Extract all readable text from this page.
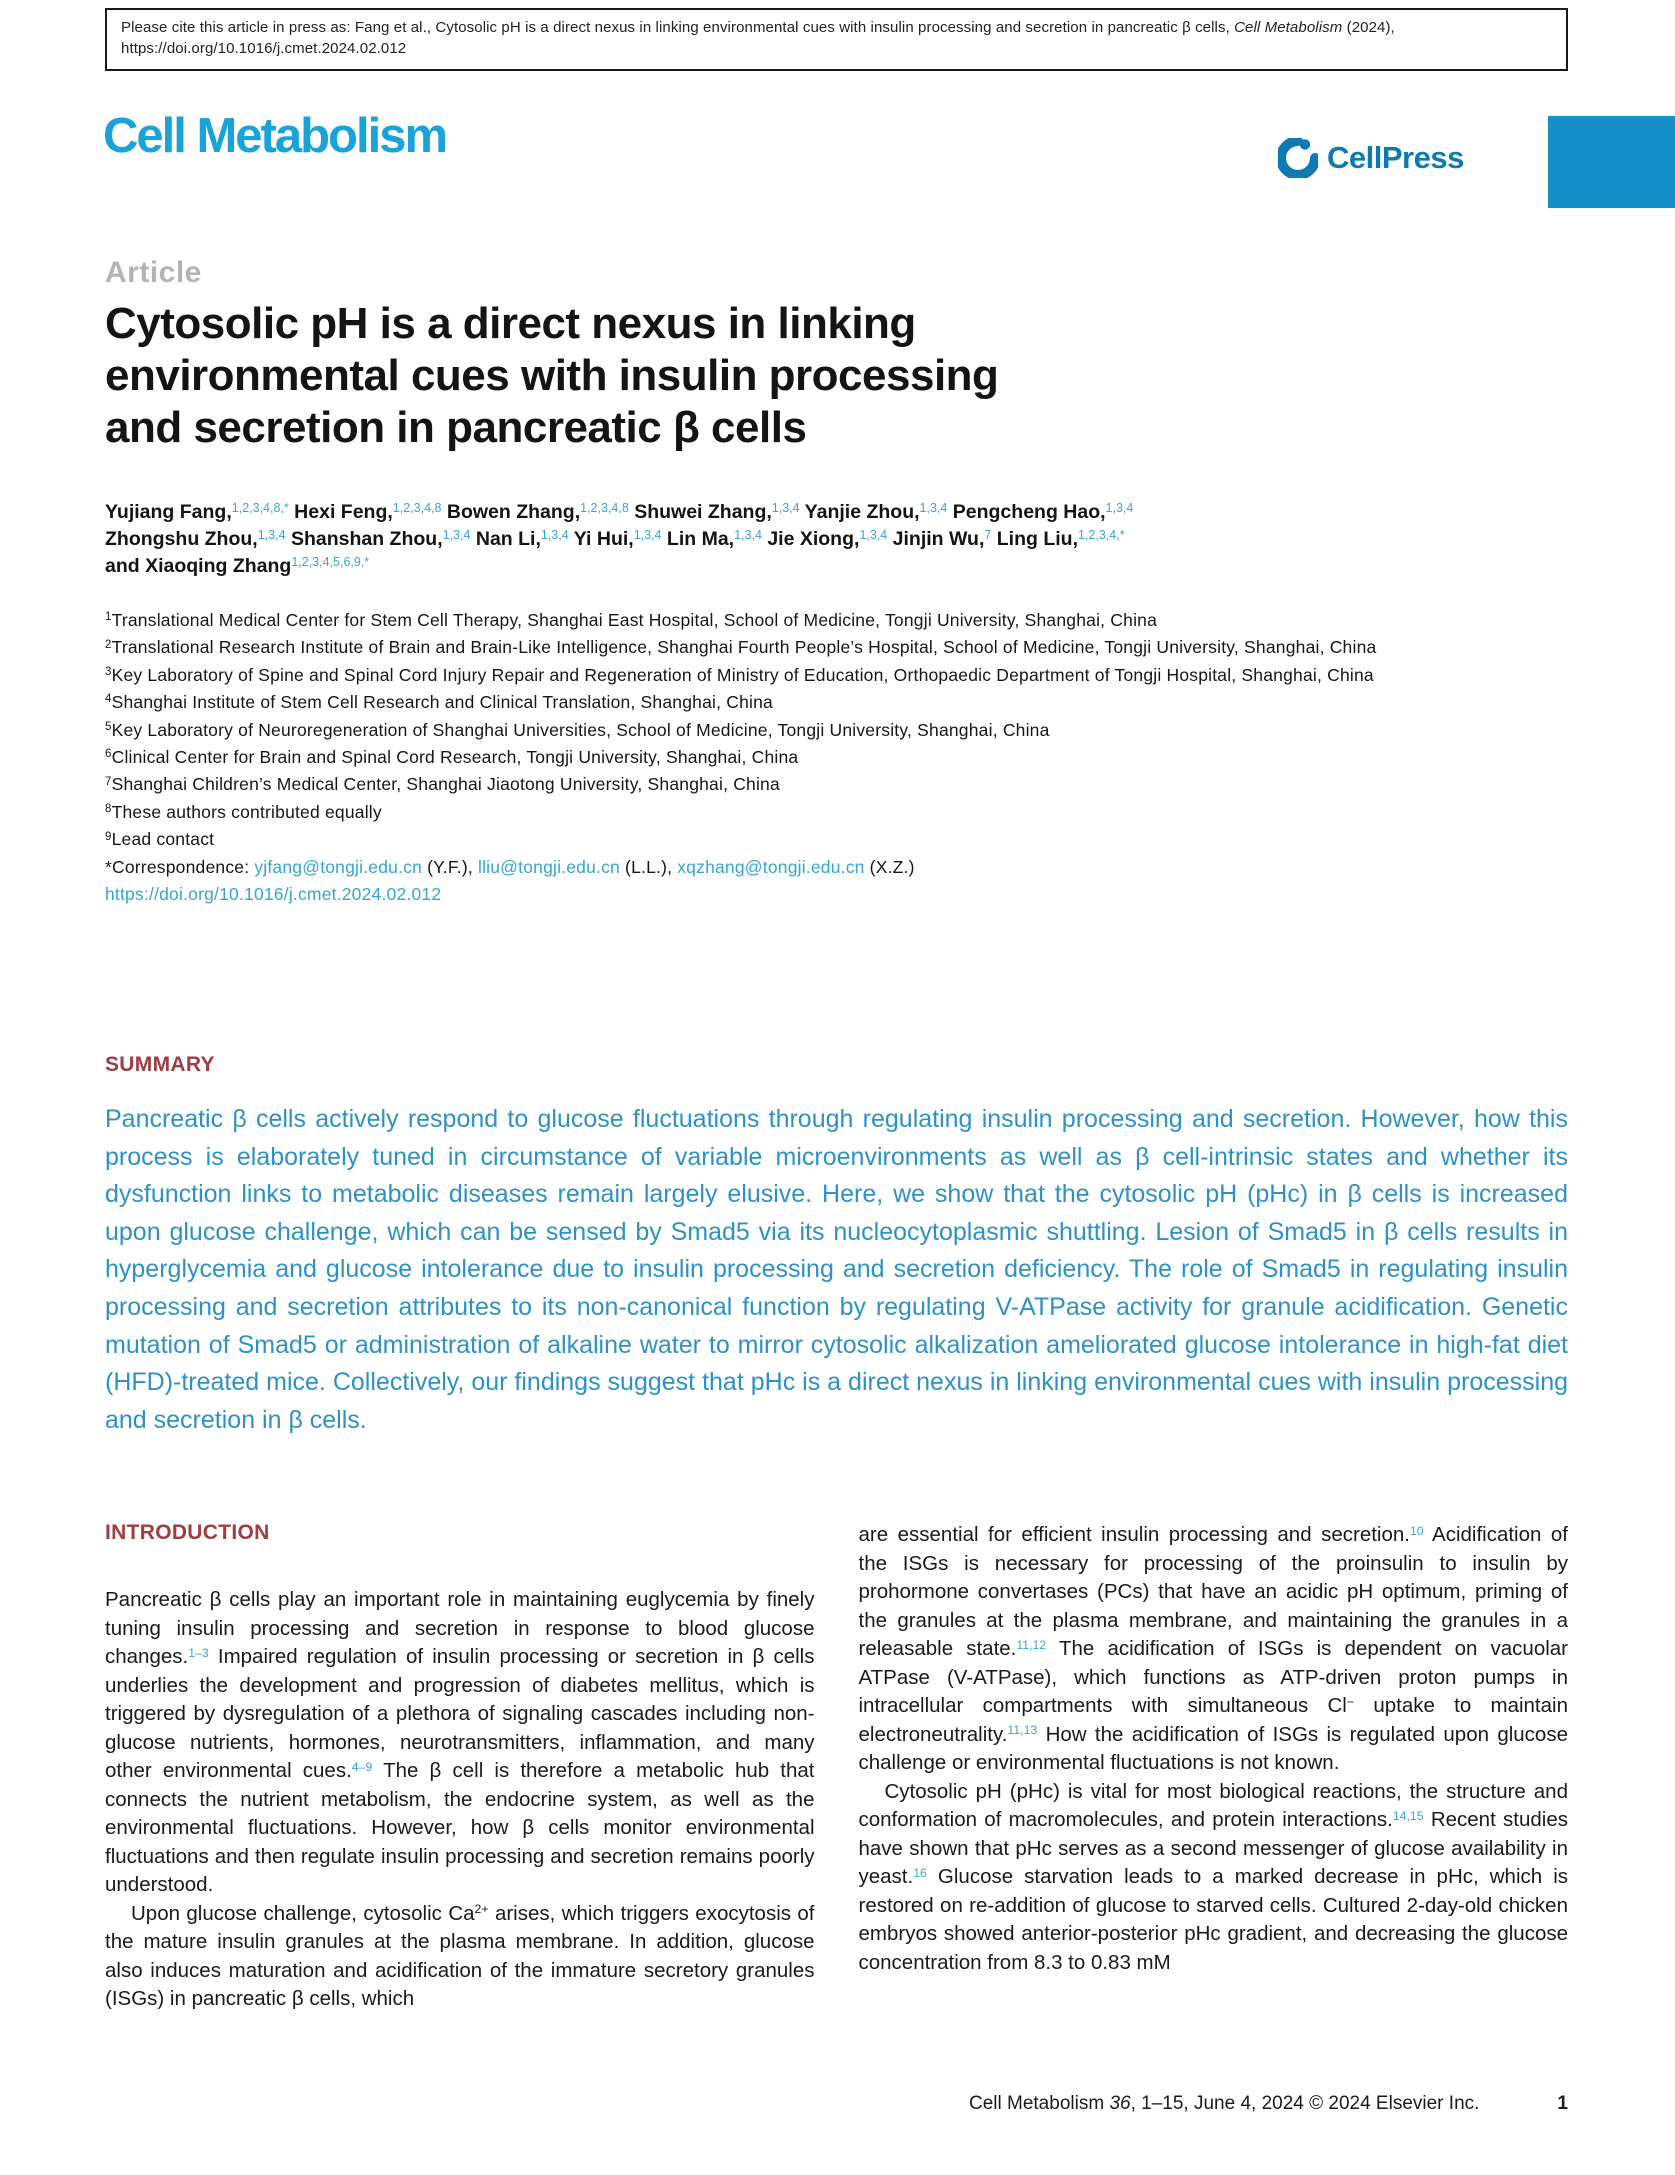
Please cite this article in press as: Fang et al., Cytosolic pH is a direct nexus in linking environmental cues with insulin processing and secretion in pancreatic β cells, Cell Metabolism (2024), https://doi.org/10.1016/j.cmet.2024.02.012
Cell Metabolism	CellPress
Article
Cytosolic pH is a direct nexus in linking
environmental cues with insulin processing
and secretion in pancreatic β cells
Yujiang Fang,$^{1,2,3,4,8,*}$ Hexi Feng,$^{1,2,3,4,8}$ Bowen Zhang,$^{1,2,3,4,8}$ Shuwei Zhang,$^{1,3,4}$ Yanjie Zhou,$^{1,3,4}$ Pengcheng Hao,$^{1,3,4}$
Zhongshu Zhou,$^{1,3,4}$ Shanshan Zhou,$^{1,3,4}$ Nan Li,$^{1,3,4}$ Yi Hui,$^{1,3,4}$ Lin Ma,$^{1,3,4}$ Jie Xiong,$^{1,3,4}$ Jinjin Wu,$^7$ Ling Liu,$^{1,2,3,4,*}$
and Xiaoqing Zhang$^{1,2,3,4,5,6,9,*}$
$^1$Translational Medical Center for Stem Cell Therapy, Shanghai East Hospital, School of Medicine, Tongji University, Shanghai, China
$^2$Translational Research Institute of Brain and Brain-Like Intelligence, Shanghai Fourth People’s Hospital, School of Medicine, Tongji University, Shanghai, China
$^3$Key Laboratory of Spine and Spinal Cord Injury Repair and Regeneration of Ministry of Education, Orthopaedic Department of Tongji Hospital, Shanghai, China
$^4$Shanghai Institute of Stem Cell Research and Clinical Translation, Shanghai, China
$^5$Key Laboratory of Neuroregeneration of Shanghai Universities, School of Medicine, Tongji University, Shanghai, China
$^6$Clinical Center for Brain and Spinal Cord Research, Tongji University, Shanghai, China
$^7$Shanghai Children’s Medical Center, Shanghai Jiaotong University, Shanghai, China
$^8$These authors contributed equally
$^9$Lead contact
*Correspondence: yjfang@tongji.edu.cn (Y.F.), lliu@tongji.edu.cn (L.L.), xqzhang@tongji.edu.cn (X.Z.)
https://doi.org/10.1016/j.cmet.2024.02.012
SUMMARY

Pancreatic β cells actively respond to glucose fluctuations through regulating insulin processing and secretion. However, how this process is elaborately tuned in circumstance of variable microenvironments as well as β cell-intrinsic states and whether its dysfunction links to metabolic diseases remain largely elusive. Here, we show that the cytosolic pH (pHc) in β cells is increased upon glucose challenge, which can be sensed by Smad5 via its nucleocytoplasmic shuttling. Lesion of Smad5 in β cells results in hyperglycemia and glucose intolerance due to insulin processing and secretion deficiency. The role of Smad5 in regulating insulin processing and secretion attributes to its non-canonical function by regulating V-ATPase activity for granule acidification. Genetic mutation of Smad5 or administration of alkaline water to mirror cytosolic alkalization ameliorated glucose intolerance in high-fat diet (HFD)-treated mice. Collectively, our findings suggest that pHc is a direct nexus in linking environmental cues with insulin processing and secretion in β cells.

INTRODUCTION

Pancreatic β cells play an important role in maintaining euglycemia by finely tuning insulin processing and secretion in response to blood glucose changes.$^{1-3}$ Impaired regulation of insulin processing or secretion in β cells underlies the development and progression of diabetes mellitus, which is triggered by dysregulation of a plethora of signaling cascades including non-glucose nutrients, hormones, neurotransmitters, inflammation, and many other environmental cues.$^{4-9}$ The β cell is therefore a metabolic hub that connects the nutrient metabolism, the endocrine system, as well as the environmental fluctuations. However, how β cells monitor environmental fluctuations and then regulate insulin processing and secretion remains poorly understood.

Upon glucose challenge, cytosolic $Ca^{2+}$ arises, which triggers exocytosis of the mature insulin granules at the plasma membrane. In addition, glucose also induces maturation and acidification of the immature secretory granules (ISGs) in pancreatic β cells, which

are essential for efficient insulin processing and secretion.$^{10}$ Acidification of the ISGs is necessary for processing of the proinsulin to insulin by prohormone convertases (PCs) that have an acidic pH optimum, priming of the granules at the plasma membrane, and maintaining the granules in a releasable state.$^{11,12}$ The acidification of ISGs is dependent on vacuolar ATPase (V-ATPase), which functions as ATP-driven proton pumps in intracellular compartments with simultaneous Cl− uptake to maintain electroneutrality.$^{11,13}$ How the acidification of ISGs is regulated upon glucose challenge or environmental fluctuations is not known.

Cytosolic pH (pHc) is vital for most biological reactions, the structure and conformation of macromolecules, and protein interactions.$^{14,15}$ Recent studies have shown that pHc serves as a second messenger of glucose availability in yeast.$^{16}$ Glucose starvation leads to a marked decrease in pHc, which is restored on re-addition of glucose to starved cells. Cultured 2-day-old chicken embryos showed anterior-posterior pHc gradient, and decreasing the glucose concentration from 8.3 to 0.83 mM

Cell Metabolism 36, 1–15, June 4, 2024 © 2024 Elsevier Inc.	1
